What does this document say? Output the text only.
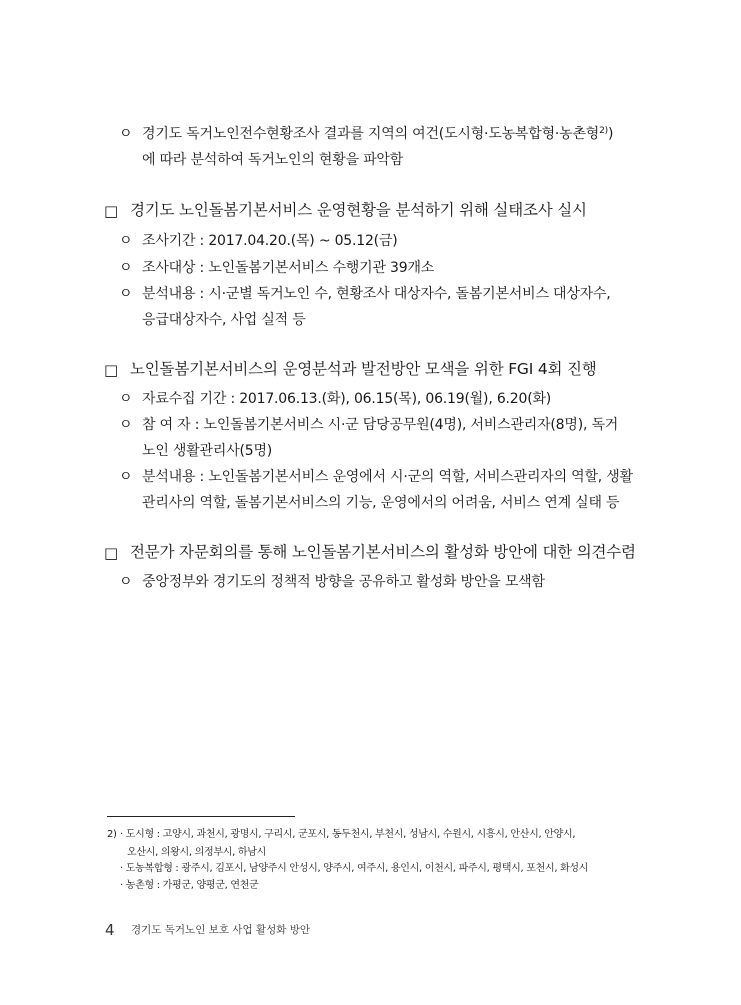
ㅇ 경기도 독거노인전수현황조사 결과를 지역의 여건(도시형·도농복합형·농촌형$^{2)}$)
에 따라 분석하여 독거노인의 현황을 파악함
□ 경기도 노인돌봄기본서비스 운영현황을 분석하기 위해 실태조사 실시
ㅇ 조사기간 : 2017.04.20.(목) ~ 05.12(금)
ㅇ 조사대상 : 노인돌봄기본서비스 수행기관 39개소
ㅇ 분석내용 : 시·군별 독거노인 수, 현황조사 대상자수, 돌봄기본서비스 대상자수,
응급대상자수, 사업 실적 등
□ 노인돌봄기본서비스의 운영분석과 발전방안 모색을 위한 FGI 4회 진행
ㅇ 자료수집 기간 : 2017.06.13.(화), 06.15(목), 06.19(월), 6.20(화)
ㅇ 참 여 자 : 노인돌봄기본서비스 시·군 담당공무원(4명), 서비스관리자(8명), 독거
노인 생활관리사(5명)
ㅇ 분석내용 : 노인돌봄기본서비스 운영에서 시·군의 역할, 서비스관리자의 역할, 생활
관리사의 역할, 돌봄기본서비스의 기능, 운영에서의 어려움, 서비스 연계 실태 등
□ 전문가 자문회의를 통해 노인돌봄기본서비스의 활성화 방안에 대한 의견수렴
ㅇ 중앙정부와 경기도의 정책적 방향을 공유하고 활성화 방안을 모색함
2) · 도시형 : 고양시, 과천시, 광명시, 구리시, 군포시, 동두천시, 부천시, 성남시, 수원시, 시흥시, 안산시, 안양시,
오산시, 의왕시, 의정부시, 하남시
· 도농복합형 : 광주시, 김포시, 남양주시 안성시, 양주시, 여주시, 용인시, 이천시, 파주시, 평택시, 포천시, 화성시
· 농촌형 : 가평군, 양평군, 연천군
4 경기도 독거노인 보호 사업 활성화 방안
